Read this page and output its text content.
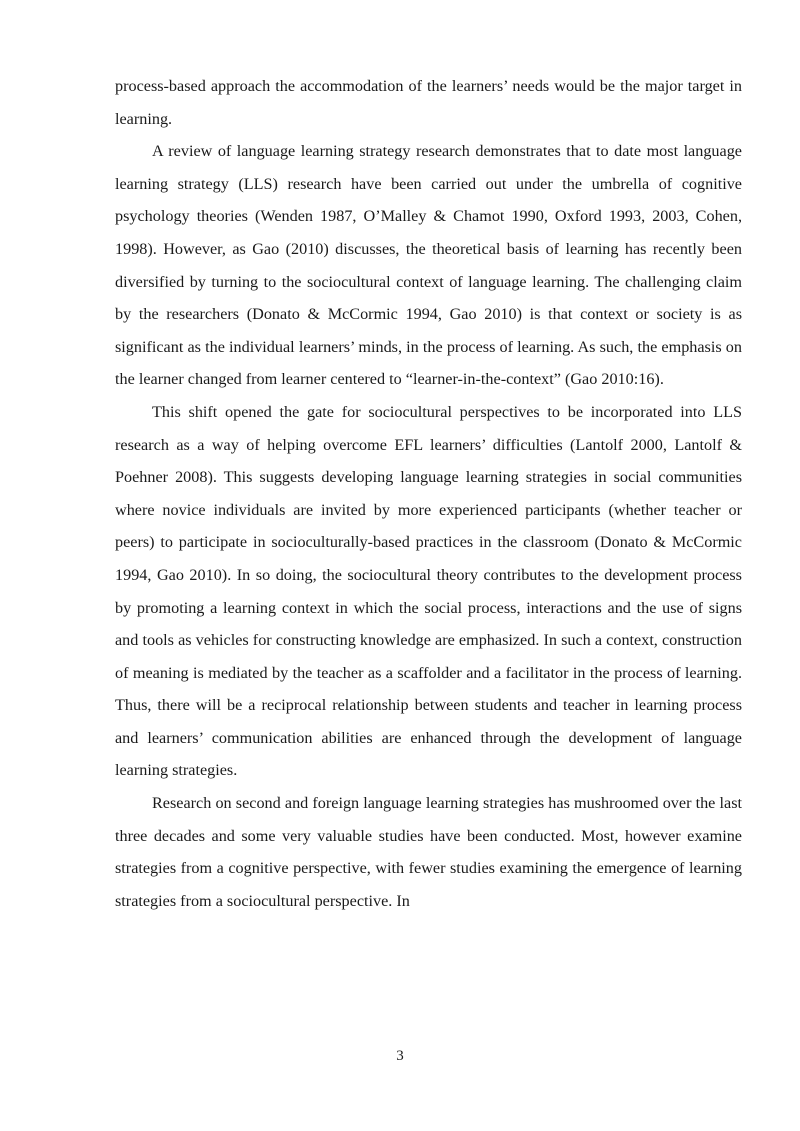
process-based approach the accommodation of the learners’ needs would be the major target in learning.

A review of language learning strategy research demonstrates that to date most language learning strategy (LLS) research have been carried out under the umbrella of cognitive psychology theories (Wenden 1987, O’Malley & Chamot 1990, Oxford 1993, 2003, Cohen, 1998). However, as Gao (2010) discusses, the theoretical basis of learning has recently been diversified by turning to the sociocultural context of language learning. The challenging claim by the researchers (Donato & McCormic 1994, Gao 2010) is that context or society is as significant as the individual learners’ minds, in the process of learning. As such, the emphasis on the learner changed from learner centered to “learner-in-the-context” (Gao 2010:16).

This shift opened the gate for sociocultural perspectives to be incorporated into LLS research as a way of helping overcome EFL learners’ difficulties (Lantolf 2000, Lantolf & Poehner 2008). This suggests developing language learning strategies in social communities where novice individuals are invited by more experienced participants (whether teacher or peers) to participate in socioculturally-based practices in the classroom (Donato & McCormic 1994, Gao 2010). In so doing, the sociocultural theory contributes to the development process by promoting a learning context in which the social process, interactions and the use of signs and tools as vehicles for constructing knowledge are emphasized. In such a context, construction of meaning is mediated by the teacher as a scaffolder and a facilitator in the process of learning. Thus, there will be a reciprocal relationship between students and teacher in learning process and learners’ communication abilities are enhanced through the development of language learning strategies.

Research on second and foreign language learning strategies has mushroomed over the last three decades and some very valuable studies have been conducted. Most, however examine strategies from a cognitive perspective, with fewer studies examining the emergence of learning strategies from a sociocultural perspective. In

3
